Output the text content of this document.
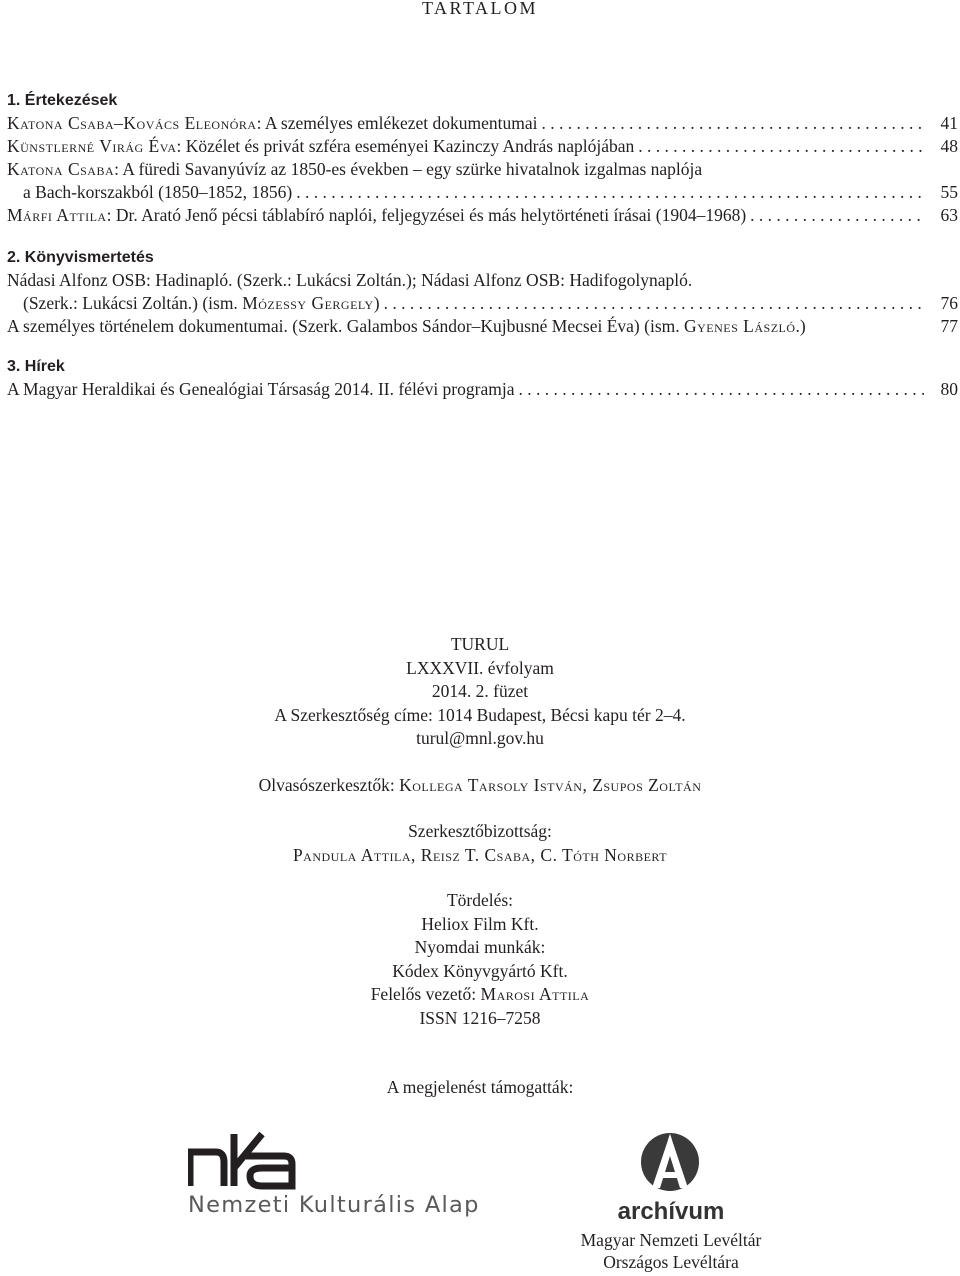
TARTALOM
1. Értekezések
Katona Csaba–Kovács Eleonóra: A személyes emlékezet dokumentumai . . .	41
Künstlerné Virág Éva: Közélet és privát szféra eseményei Kazinczy András naplójában . . .	48
Katona Csaba: A füredi Savanyúvíz az 1850-es években – egy szürke hivatalnok izgalmas naplója
a Bach-korszakból (1850–1852, 1856) . . .	55
Márfi Attila: Dr. Arató Jenő pécsi táblabíró naplói, feljegyzései és más helytörténeti írásai (1904–1968) . . .	63
2. Könyvismertetés
Nádasi Alfonz OSB: Hadinapló. (Szerk.: Lukácsi Zoltán.); Nádasi Alfonz OSB: Hadifogolynapló.
(Szerk.: Lukácsi Zoltán.) (ism. Mózessy Gergely) . . .	76
A személyes történelem dokumentumai. (Szerk. Galambos Sándor–Kujbusné Mecsei Éva) (ism. Gyenes László.)	77
3. Hírek
A Magyar Heraldikai és Genealógiai Társaság 2014. II. félévi programja . . .	80
TURUL
LXXXVII. évfolyam
2014. 2. füzet
A Szerkesztőség címe: 1014 Budapest, Bécsi kapu tér 2–4.
turul@mnl.gov.hu
Olvasószerkesztők: Kollega Tarsoly István, Zsupos Zoltán
Szerkesztőbizottság:
Pandula Attila, Reisz T. Csaba, C. Tóth Norbert
Tördelés:
Heliox Film Kft.
Nyomdai munkák:
Kódex Könyvgyártó Kft.
Felelős vezető: Marosi Attila
ISSN 1216–7258
A megjelenést támogatták:
Nemzeti Kulturális Alap	archívum
Magyar Nemzeti Levéltár
Országos Levéltára
